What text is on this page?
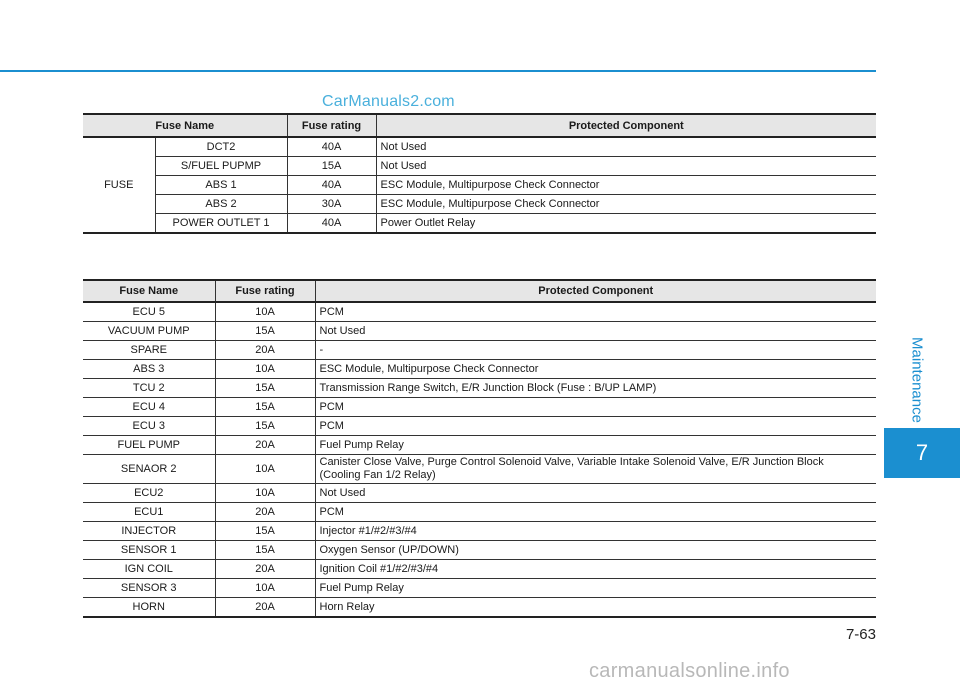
CarManuals2.com
Fuse Name		Fuse rating	Protected Component
FUSE	DCT2	40A	Not Used
	S/FUEL PUPMP	15A	Not Used
	ABS 1	40A	ESC Module, Multipurpose Check Connector
	ABS 2	30A	ESC Module, Multipurpose Check Connector
	POWER OUTLET 1	40A	Power Outlet Relay
Fuse Name	Fuse rating	Protected Component
ECU 5	10A	PCM
VACUUM PUMP	15A	Not Used
SPARE	20A	-
ABS 3	10A	ESC Module, Multipurpose Check Connector
TCU 2	15A	Transmission Range Switch, E/R Junction Block (Fuse : B/UP LAMP)
ECU 4	15A	PCM
ECU 3	15A	PCM
FUEL PUMP	20A	Fuel Pump Relay
SENAOR 2	10A	Canister Close Valve, Purge Control Solenoid Valve, Variable Intake Solenoid Valve, E/R Junction Block (Cooling Fan 1/2 Relay)
ECU2	10A	Not Used
ECU1	20A	PCM
INJECTOR	15A	Injector #1/#2/#3/#4
SENSOR 1	15A	Oxygen Sensor (UP/DOWN)
IGN COIL	20A	Ignition Coil #1/#2/#3/#4
SENSOR 3	10A	Fuel Pump Relay
HORN	20A	Horn Relay
Maintenance
7
7-63
carmanualsonline.info
